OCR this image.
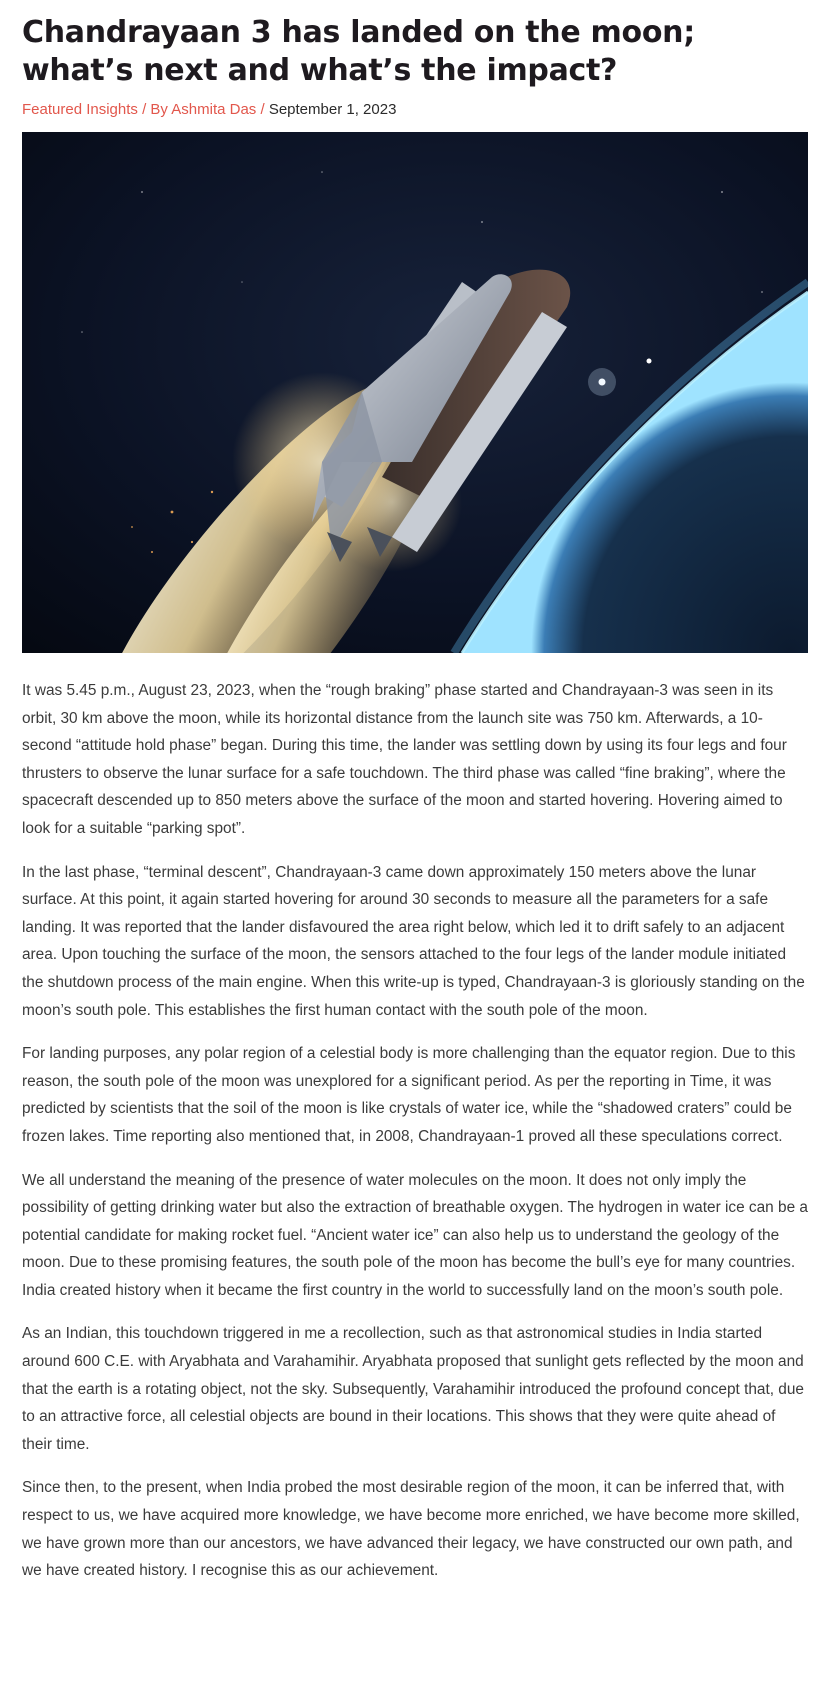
Chandrayaan 3 has landed on the moon; what’s next and what’s the impact?
Featured Insights / By Ashmita Das / September 1, 2023

It was 5.45 p.m., August 23, 2023, when the “rough braking” phase started and Chandrayaan-3 was seen in its orbit, 30 km above the moon, while its horizontal distance from the launch site was 750 km. Afterwards, a 10-second “attitude hold phase” began. During this time, the lander was settling down by using its four legs and four thrusters to observe the lunar surface for a safe touchdown. The third phase was called “fine braking”, where the spacecraft descended up to 850 meters above the surface of the moon and started hovering. Hovering aimed to look for a suitable “parking spot”.

In the last phase, “terminal descent”, Chandrayaan-3 came down approximately 150 meters above the lunar surface. At this point, it again started hovering for around 30 seconds to measure all the parameters for a safe landing. It was reported that the lander disfavoured the area right below, which led it to drift safely to an adjacent area. Upon touching the surface of the moon, the sensors attached to the four legs of the lander module initiated the shutdown process of the main engine. When this write-up is typed, Chandrayaan-3 is gloriously standing on the moon’s south pole. This establishes the first human contact with the south pole of the moon.

For landing purposes, any polar region of a celestial body is more challenging than the equator region. Due to this reason, the south pole of the moon was unexplored for a significant period. As per the reporting in Time, it was predicted by scientists that the soil of the moon is like crystals of water ice, while the “shadowed craters” could be frozen lakes. Time reporting also mentioned that, in 2008, Chandrayaan-1 proved all these speculations correct.

We all understand the meaning of the presence of water molecules on the moon. It does not only imply the possibility of getting drinking water but also the extraction of breathable oxygen. The hydrogen in water ice can be a potential candidate for making rocket fuel. “Ancient water ice” can also help us to understand the geology of the moon. Due to these promising features, the south pole of the moon has become the bull’s eye for many countries. India created history when it became the first country in the world to successfully land on the moon’s south pole.

As an Indian, this touchdown triggered in me a recollection, such as that astronomical studies in India started around 600 C.E. with Aryabhata and Varahamihir. Aryabhata proposed that sunlight gets reflected by the moon and that the earth is a rotating object, not the sky. Subsequently, Varahamihir introduced the profound concept that, due to an attractive force, all celestial objects are bound in their locations. This shows that they were quite ahead of their time.

Since then, to the present, when India probed the most desirable region of the moon, it can be inferred that, with respect to us, we have acquired more knowledge, we have become more enriched, we have become more skilled, we have grown more than our ancestors, we have advanced their legacy, we have constructed our own path, and we have created history. I recognise this as our achievement.
